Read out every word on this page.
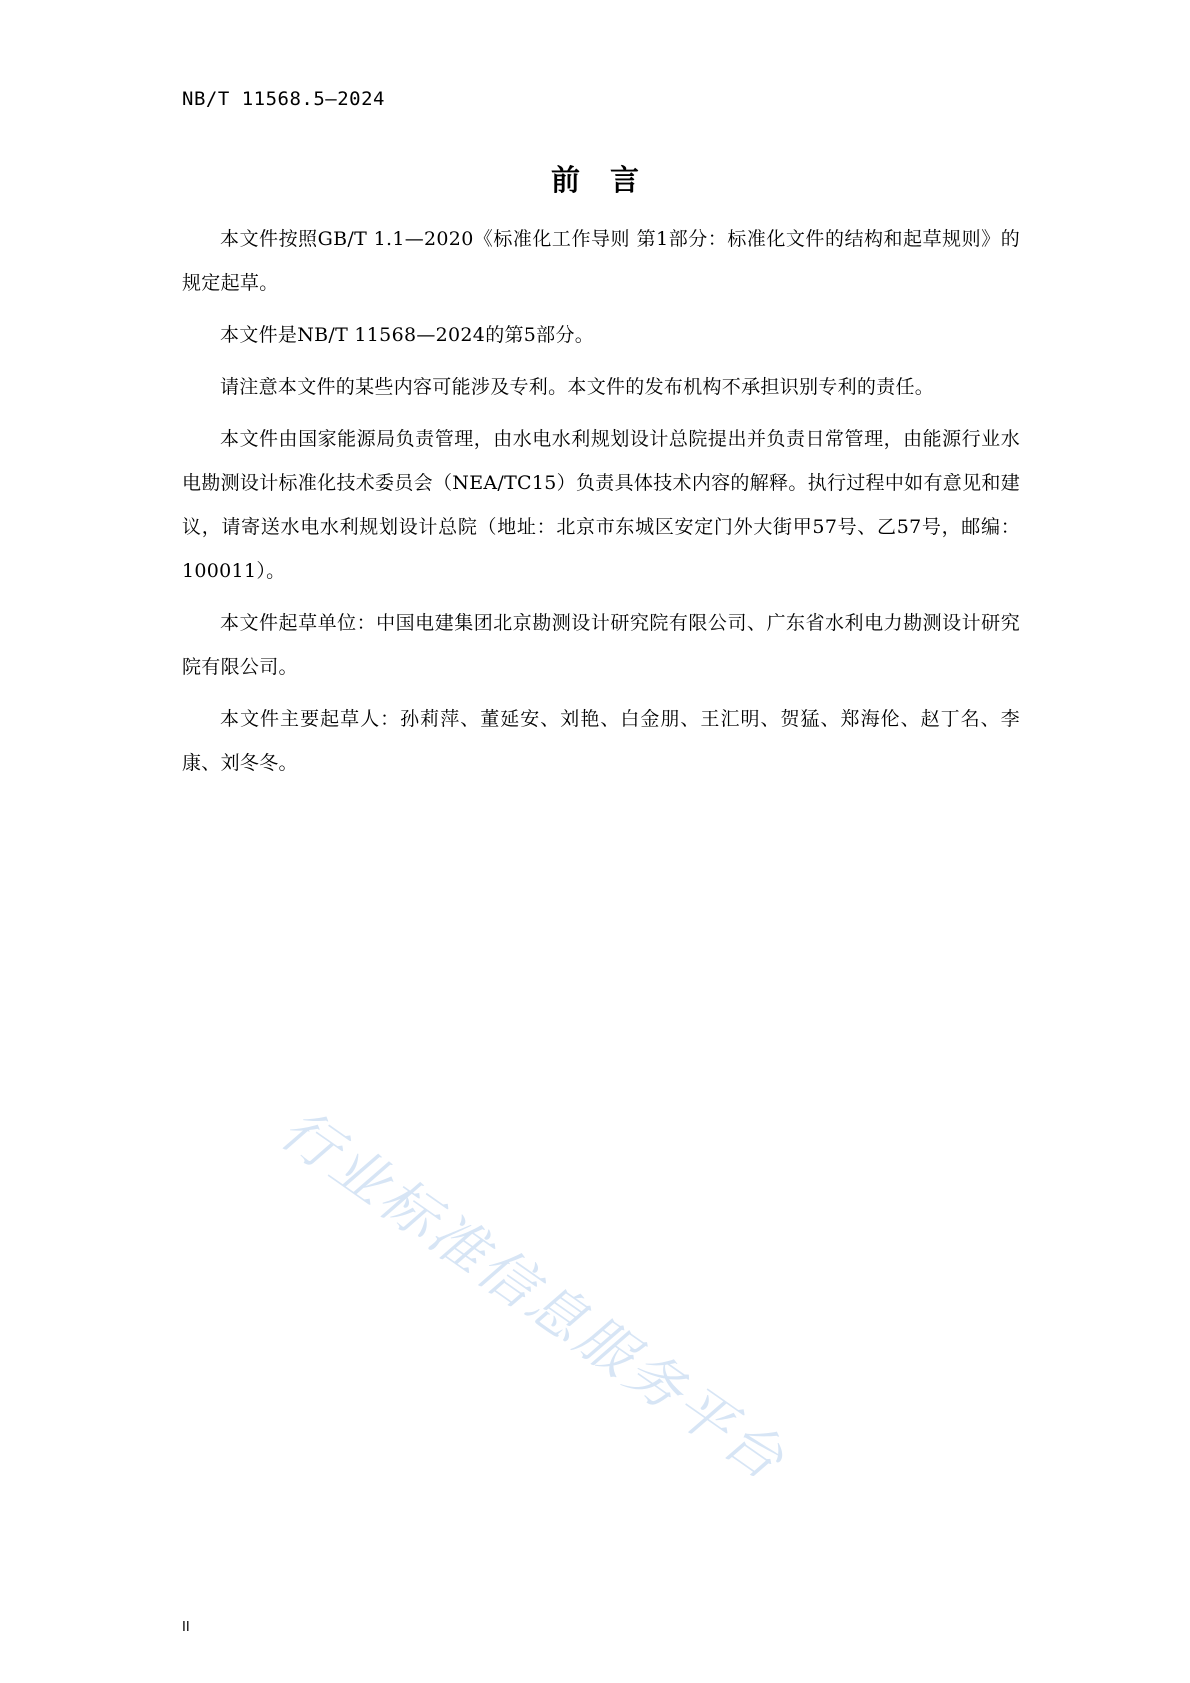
NB/T 11568.5—2024
前言

本文件按照GB/T 1.1—2020《标准化工作导则 第1部分：标准化文件的结构和起草规则》的规定起草。

本文件是NB/T 11568—2024的第5部分。

请注意本文件的某些内容可能涉及专利。本文件的发布机构不承担识别专利的责任。

本文件由国家能源局负责管理，由水电水利规划设计总院提出并负责日常管理，由能源行业水电勘测设计标准化技术委员会（NEA/TC15）负责具体技术内容的解释。执行过程中如有意见和建议，请寄送水电水利规划设计总院（地址：北京市东城区安定门外大街甲57号、乙57号，邮编：100011）。

本文件起草单位：中国电建集团北京勘测设计研究院有限公司、广东省水利电力勘测设计研究院有限公司。

本文件主要起草人：孙莉萍、董延安、刘艳、白金朋、王汇明、贺猛、郑海伦、赵丁名、李康、刘冬冬。

行业标准信息服务平台
II
